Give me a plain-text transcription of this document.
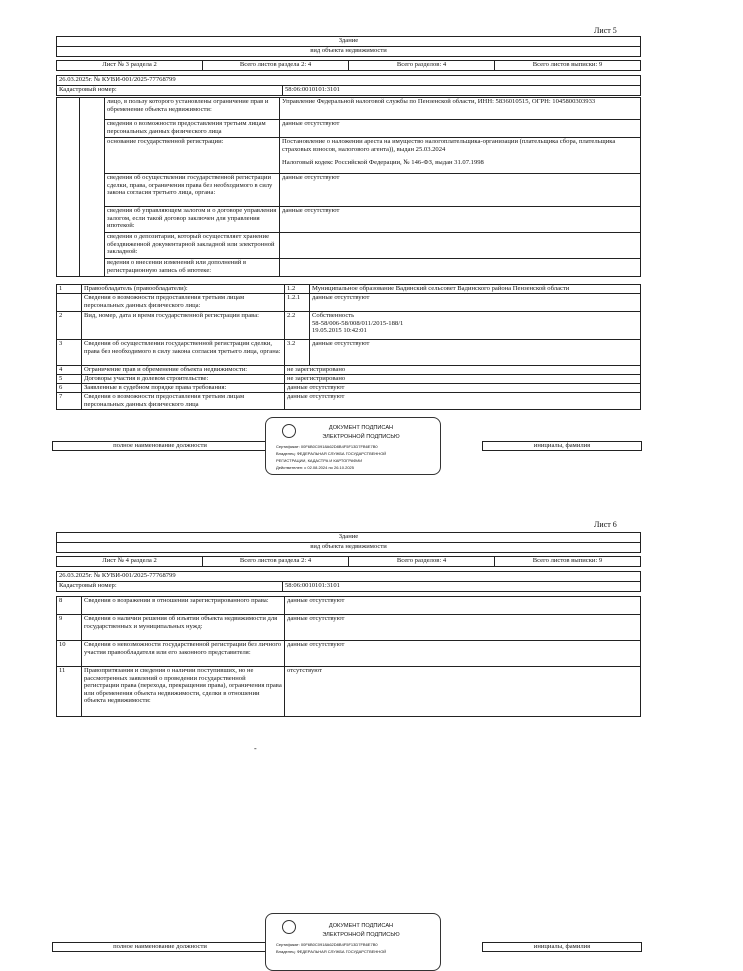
Лист 5
Здание
вид объекта недвижимости
Лист № 3 раздела 2	Всего листов раздела 2: 4	Всего разделов: 4	Всего листов выписки: 9
26.03.2025г. № КУВИ-001/2025-77768799
Кадастровый номер:	58:06:0010101:3101
		лицо, в пользу которого установлены ограничение прав и обременение объекта недвижимости:	Управление Федеральной налоговой службы по Пензенской области, ИНН: 5836010515, ОГРН: 1045800303933
		сведения о возможности предоставления третьим лицам персональных данных физического лица	данные отсутствуют
		основание государственной регистрации:	Постановление о наложении ареста на имущество налогоплательщика-организации (плательщика сбора, плательщика страховых взносов, налогового агента)), выдан 25.03.2024
Налоговый кодекс Российской Федерации, № 146-ФЗ, выдан 31.07.1998

		сведения об осуществлении государственной регистрации сделки, права, ограничения права без необходимого в силу закона согласия третьего лица, органа:	данные отсутствуют
		сведения об управляющем залогом и о договоре управления залогом, если такой договор заключен для управления ипотекой:	данные отсутствуют
		сведения о депозитарии, который осуществляет хранение обездвиженной документарной закладной или электронной закладной:	
		ведения о внесении изменений или дополнений в регистрационную запись об ипотеке:	
1	Правообладатель (правообладатели):	1.2	Муниципальное образование Вадинский сельсовет Вадинского района Пензенской области
	Сведения о возможности предоставления третьим лицам персональных данных физического лица:	1.2.1	данные отсутствуют
2	Вид, номер, дата и время государственной регистрации права:	2.2	Собственность
58-58/006-58/008/011/2015-188/1
19.05.2015 10:42:01

3	Сведения об осуществлении государственной регистрации сделки, права без необходимого в силу закона согласия третьего лица, органа:	3.2	данные отсутствуют
4	Ограничение прав и обременение объекта недвижимости:	не зарегистрировано	
5	Договоры участия в долевом строительстве:	не зарегистрировано	
6	Заявленные в судебном порядке права требования:	данные отсутствуют	
7	Сведения о возможности предоставления третьим лицам персональных данных физического лица	данные отсутствуют	
полное наименование должности		инициалы, фамилия
ДОКУМЕНТ ПОДПИСАН
ЭЛЕКТРОННОЙ ПОДПИСЬЮ
Сертификат: 00F6B0C0918A62D8B4F5F13D7FB6E7B0
Владелец: ФЕДЕРАЛЬНАЯ СЛУЖБА ГОСУДАРСТВЕННОЙ
РЕГИСТРАЦИИ, КАДАСТРА И КАРТОГРАФИИ
Действителен: с 02.08.2024 по 26.10.2025
Лист 6
Здание
вид объекта недвижимости
Лист № 4 раздела 2	Всего листов раздела 2: 4	Всего разделов: 4	Всего листов выписки: 9
26.03.2025г. № КУВИ-001/2025-77768799
Кадастровый номер:	58:06:0010101:3101
8	Сведения о возражении в отношении зарегистрированного права:	данные отсутствуют
9	Сведения о наличии решения об изъятии объекта недвижимости для государственных и муниципальных нужд:	данные отсутствуют
10	Сведения о невозможности государственной регистрации без личного участия правообладателя или его законного представителя:	данные отсутствуют
11	Правопритязания и сведения о наличии поступивших, но не рассмотренных заявлений о проведении государственной регистрации права (перехода, прекращения права), ограничения права или обременения объекта недвижимости, сделки в отношении объекта недвижимости:	отсутствуют
-
полное наименование должности		инициалы, фамилия
ДОКУМЕНТ ПОДПИСАН
ЭЛЕКТРОННОЙ ПОДПИСЬЮ
Сертификат: 00F6B0C0918A62D8B4F5F13D7FB6E7B0
Владелец: ФЕДЕРАЛЬНАЯ СЛУЖБА ГОСУДАРСТВЕННОЙ
